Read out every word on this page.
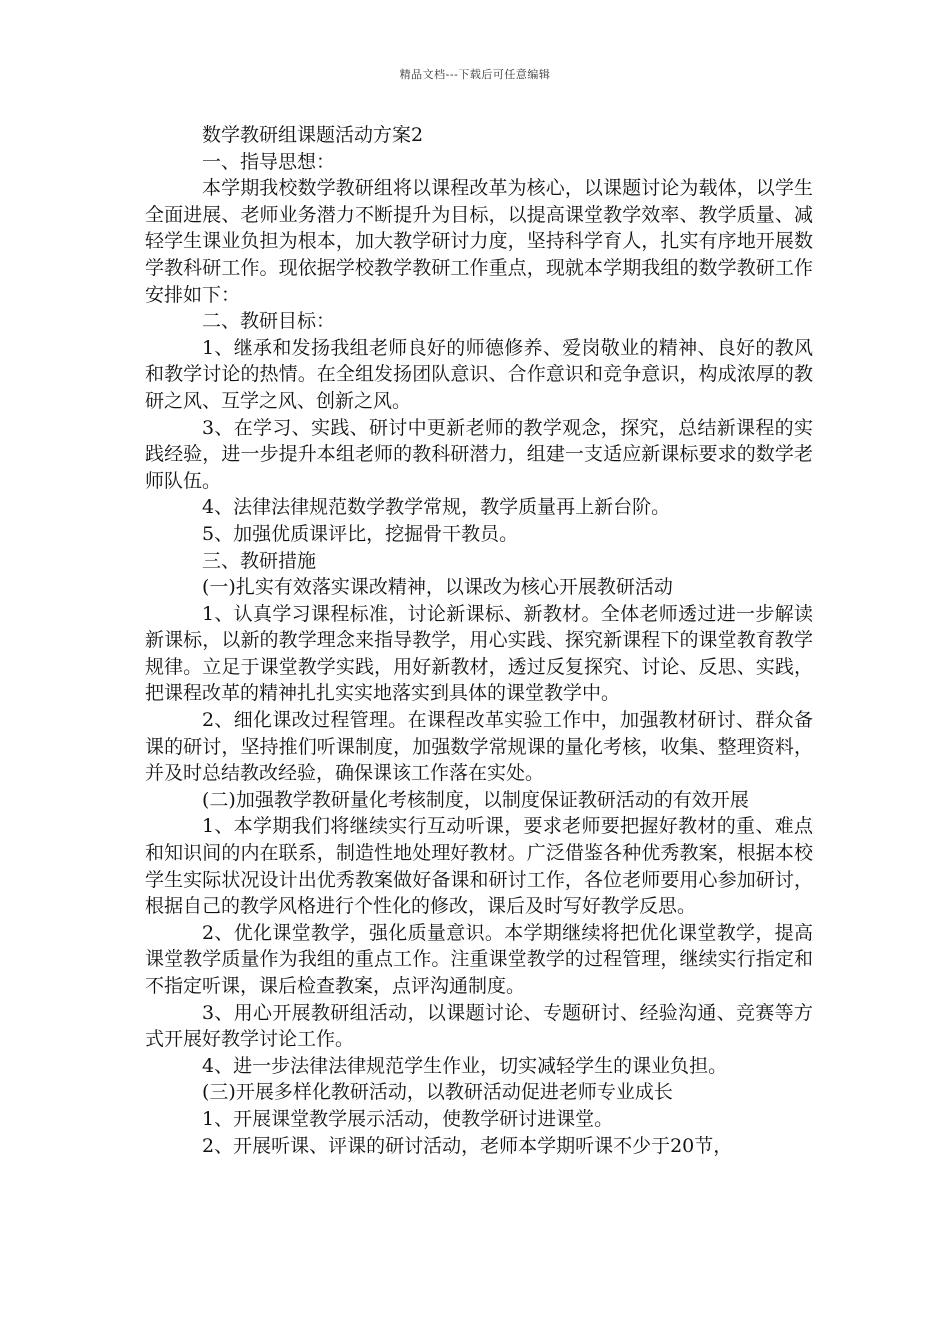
精品文档---下载后可任意编辑

数学教研组课题活动方案2

一、指导思想：

本学期我校数学教研组将以课程改革为核心，以课题讨论为载体，以学生全面进展、老师业务潜力不断提升为目标，以提高课堂教学效率、教学质量、减轻学生课业负担为根本，加大教学研讨力度，坚持科学育人，扎实有序地开展数学教科研工作。现依据学校教学教研工作重点，现就本学期我组的数学教研工作安排如下：

二、教研目标：

1、继承和发扬我组老师良好的师德修养、爱岗敬业的精神、良好的教风和教学讨论的热情。在全组发扬团队意识、合作意识和竞争意识，构成浓厚的教研之风、互学之风、创新之风。

3、在学习、实践、研讨中更新老师的教学观念，探究，总结新课程的实践经验，进一步提升本组老师的教科研潜力，组建一支适应新课标要求的数学老师队伍。

4、法律法律规范数学教学常规，教学质量再上新台阶。

5、加强优质课评比，挖掘骨干教员。

三、教研措施

(一)扎实有效落实课改精神，以课改为核心开展教研活动

1、认真学习课程标准，讨论新课标、新教材。全体老师透过进一步解读新课标，以新的教学理念来指导教学，用心实践、探究新课程下的课堂教育教学规律。立足于课堂教学实践，用好新教材，透过反复探究、讨论、反思、实践，把课程改革的精神扎扎实实地落实到具体的课堂教学中。

2、细化课改过程管理。在课程改革实验工作中，加强教材研讨、群众备课的研讨，坚持推们听课制度，加强数学常规课的量化考核，收集、整理资料，并及时总结教改经验，确保课该工作落在实处。

(二)加强教学教研量化考核制度，以制度保证教研活动的有效开展

1、本学期我们将继续实行互动听课，要求老师要把握好教材的重、难点和知识间的内在联系，制造性地处理好教材。广泛借鉴各种优秀教案，根据本校学生实际状况设计出优秀教案做好备课和研讨工作，各位老师要用心参加研讨，根据自己的教学风格进行个性化的修改，课后及时写好教学反思。

2、优化课堂教学，强化质量意识。本学期继续将把优化课堂教学，提高课堂教学质量作为我组的重点工作。注重课堂教学的过程管理，继续实行指定和不指定听课，课后检查教案，点评沟通制度。

3、用心开展教研组活动，以课题讨论、专题研讨、经验沟通、竞赛等方式开展好教学讨论工作。

4、进一步法律法律规范学生作业，切实减轻学生的课业负担。

(三)开展多样化教研活动，以教研活动促进老师专业成长

1、开展课堂教学展示活动，使教学研讨进课堂。

2、开展听课、评课的研讨活动，老师本学期听课不少于20节，
